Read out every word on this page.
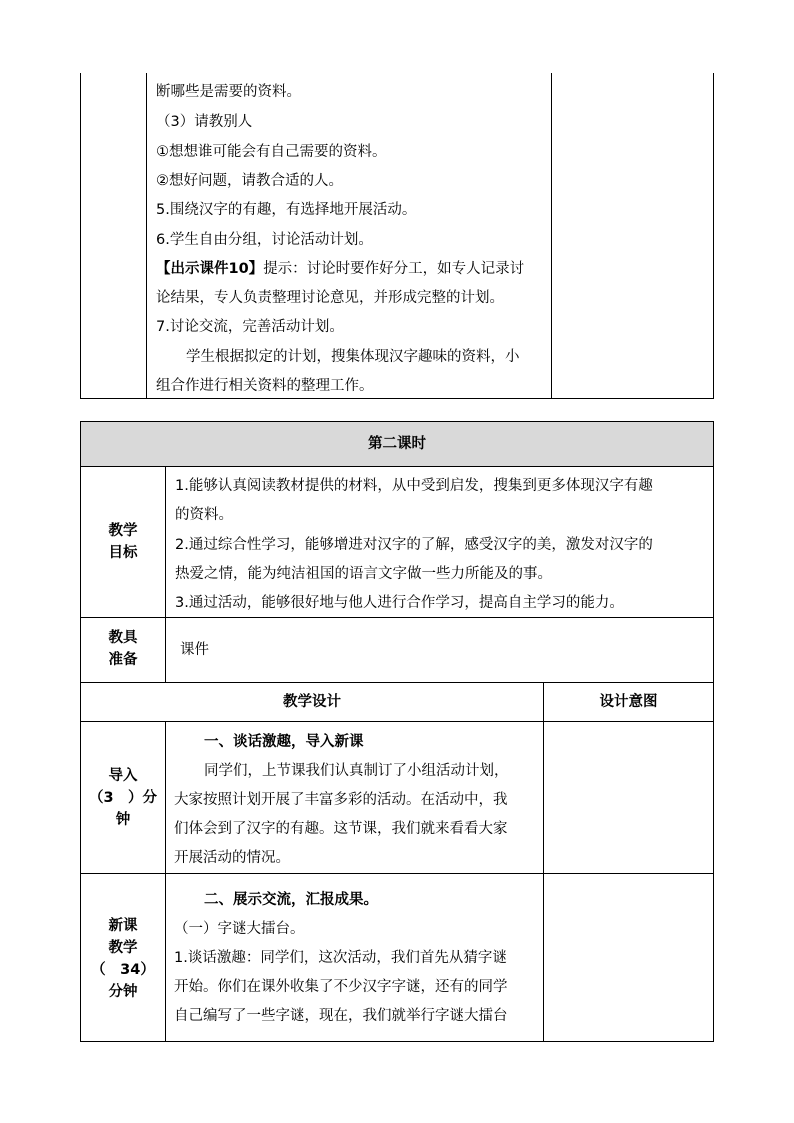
断哪些是需要的资料。
（3）请教别人
①想想谁可能会有自己需要的资料。
②想好问题，请教合适的人。
5.围绕汉字的有趣，有选择地开展活动。
6.学生自由分组，讨论活动计划。
【出示课件10】提示：讨论时要作好分工，如专人记录讨
论结果，专人负责整理讨论意见，并形成完整的计划。
7.讨论交流，完善活动计划。
学生根据拟定的计划，搜集体现汉字趣味的资料，小
组合作进行相关资料的整理工作。
第二课时
教学
目标
1.能够认真阅读教材提供的材料，从中受到启发，搜集到更多体现汉字有趣
的资料。
2.通过综合性学习，能够增进对汉字的了解，感受汉字的美，激发对汉字的
热爱之情，能为纯洁祖国的语言文字做一些力所能及的事。
3.通过活动，能够很好地与他人进行合作学习，提高自主学习的能力。
教具
准备
课件
教学设计	设计意图
导入
（3　）分
钟
一、谈话激趣，导入新课
同学们，上节课我们认真制订了小组活动计划，
大家按照计划开展了丰富多彩的活动。在活动中，我
们体会到了汉字的有趣。这节课，我们就来看看大家
开展活动的情况。
新课
教学
（　34）
分钟
二、展示交流，汇报成果。
（一）字谜大擂台。
1.谈话激趣：同学们，这次活动，我们首先从猜字谜
开始。你们在课外收集了不少汉字字谜，还有的同学
自己编写了一些字谜，现在，我们就举行字谜大擂台
